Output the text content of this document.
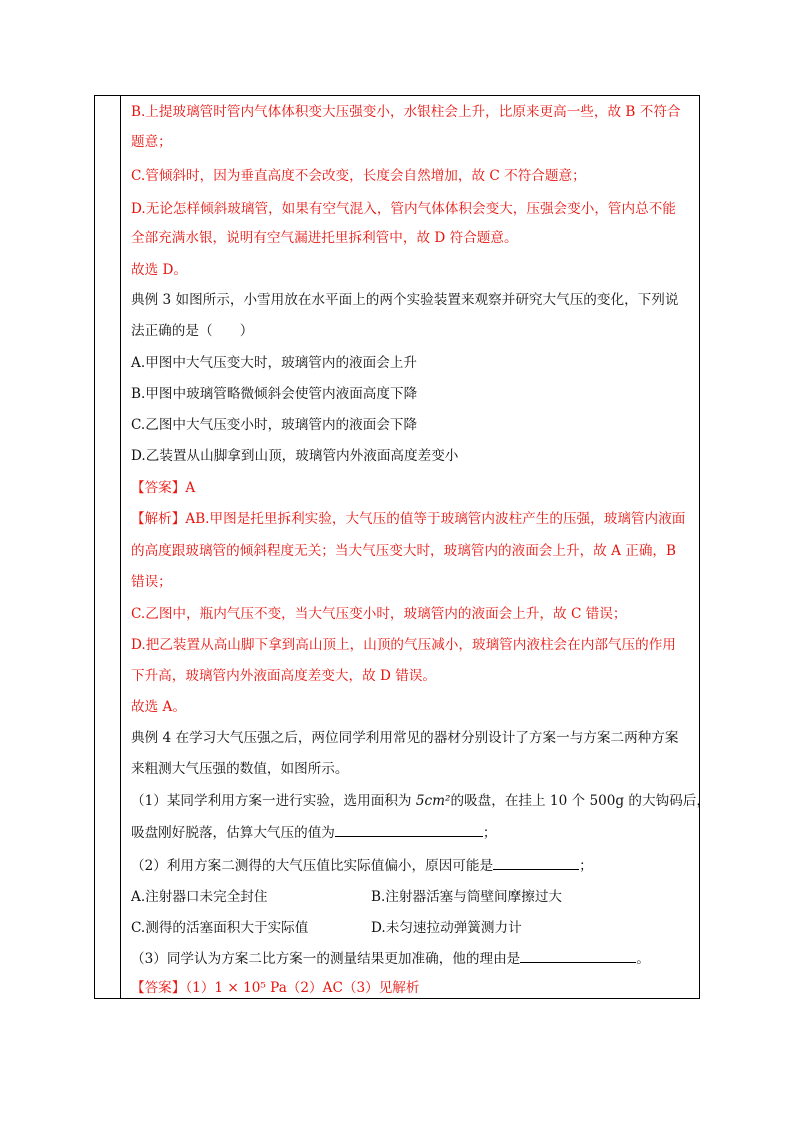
B.上提玻璃管时管内气体体积变大压强变小，水银柱会上升，比原来更高一些，故 B 不符合
题意；
C.管倾斜时，因为垂直高度不会改变，长度会自然增加，故 C 不符合题意；
D.无论怎样倾斜玻璃管，如果有空气混入，管内气体体积会变大，压强会变小，管内总不能
全部充满水银，说明有空气漏进托里拆利管中，故 D 符合题意。
故选 D。
典例 3 如图所示，小雪用放在水平面上的两个实验装置来观察并研究大气压的变化，下列说
法正确的是（　　）
A.甲图中大气压变大时，玻璃管内的液面会上升
B.甲图中玻璃管略微倾斜会使管内液面高度下降
C.乙图中大气压变小时，玻璃管内的液面会下降
D.乙装置从山脚拿到山顶，玻璃管内外液面高度差变小
【答案】A
【解析】AB.甲图是托里拆利实验，大气压的值等于玻璃管内波柱产生的压强，玻璃管内液面
的高度跟玻璃管的倾斜程度无关；当大气压变大时，玻璃管内的液面会上升，故 A 正确，B
错误；
C.乙图中，瓶内气压不变，当大气压变小时，玻璃管内的液面会上升，故 C 错误；
D.把乙装置从高山脚下拿到高山顶上，山顶的气压减小，玻璃管内液柱会在内部气压的作用
下升高，玻璃管内外液面高度差变大，故 D 错误。
故选 A。
典例 4 在学习大气压强之后，两位同学利用常见的器材分别设计了方案一与方案二两种方案
来粗测大气压强的数值，如图所示。
（1）某同学利用方案一进行实验，选用面积为 5cm²的吸盘，在挂上 10 个 500g 的大钩码后，
吸盘刚好脱落，估算大气压的值为	；
（2）利用方案二测得的大气压值比实际值偏小，原因可能是	；
A.注射器口未完全封住	B.注射器活塞与筒壁间摩擦过大
C.测得的活塞面积大于实际值	D.未匀速拉动弹簧测力计
（3）同学认为方案二比方案一的测量结果更加准确，他的理由是	。
【答案】（1）1 × 10⁵ Pa（2）AC（3）见解析
